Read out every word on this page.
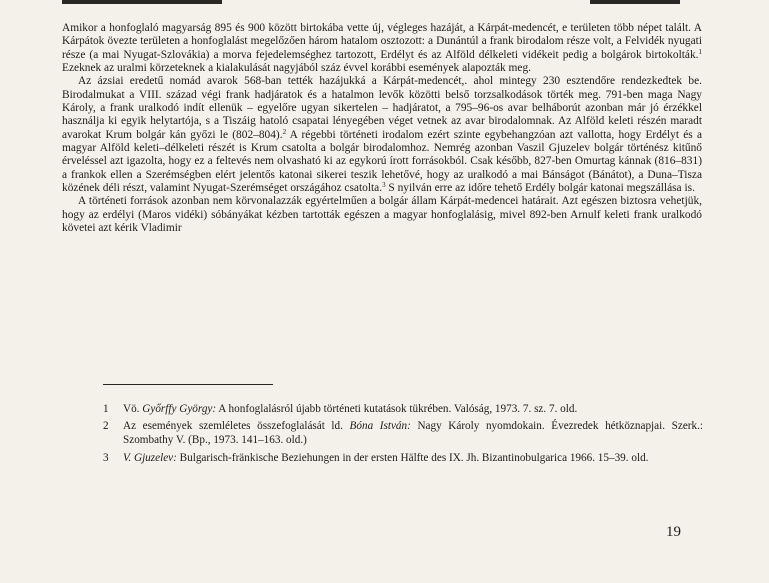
Amikor a honfoglaló magyarság 895 és 900 között birtokába vette új, végleges hazáját, a Kárpát-medencét, e területen több népet talált. A Kárpátok övezte területen a honfoglalást megelőzően három hatalom osztozott: a Dunántúl a frank birodalom része volt, a Felvidék nyugati része (a mai Nyugat-Szlovákia) a morva fejedelemséghez tartozott, Erdélyt és az Alföld délkeleti vidékeit pedig a bolgárok birtokolták.$^1$ Ezeknek az uralmi körzeteknek a kialakulását nagyjából száz évvel korábbi események alapozták meg.

Az ázsiai eredetű nomád avarok 568-ban tették hazájukká a Kárpát-medencét,. ahol mintegy 230 esztendőre rendezkedtek be. Birodalmukat a VIII. század végi frank hadjáratok és a hatalmon levők közötti belső torzsalkodások törték meg. 791-ben maga Nagy Károly, a frank uralkodó indít ellenük – egyelőre ugyan sikertelen – hadjáratot, a 795–96-os avar belháborút azonban már jó érzékkel használja ki egyik helytartója, s a Tiszáig hatoló csapatai lényegében véget vetnek az avar birodalomnak. Az Alföld keleti részén maradt avarokat Krum bolgár kán győzi le (802–804).$^2$ A régebbi történeti irodalom ezért szinte egybehangzóan azt vallotta, hogy Erdélyt és a magyar Alföld keleti–délkeleti részét is Krum csatolta a bolgár birodalomhoz. Nemrég azonban Vaszil Gjuzelev bolgár történész kitűnő érveléssel azt igazolta, hogy ez a feltevés nem olvasható ki az egykorú írott forrásokból. Csak később, 827-ben Omurtag kánnak (816–831) a frankok ellen a Szerémségben elért jelentős katonai sikerei teszik lehetővé, hogy az uralkodó a mai Bánságot (Bánátot), a Duna–Tisza közének déli részt, valamint Nyugat-Szerémséget országához csatolta.$^3$ S nyilván erre az időre tehető Erdély bolgár katonai megszállása is.

A történeti források azonban nem körvonalazzák egyértelműen a bolgár állam Kárpát-medencei határait. Azt egészen biztosra vehetjük, hogy az erdélyi (Maros vidéki) sóbányákat kézben tartották egészen a magyar honfoglalásig, mivel 892-ben Arnulf keleti frank uralkodó követei azt kérik Vladimir

1	Vö. Győrffy György: A honfoglalásról újabb történeti kutatások tükrében. Valóság, 1973. 7. sz. 7. old.
2	Az események szemléletes összefoglalását ld. Bóna István: Nagy Károly nyomdokain. Évezredek hétköznapjai. Szerk.: Szombathy V. (Bp., 1973. 141–163. old.)
3	V. Gjuzelev: Bulgarisch-fränkische Beziehungen in der ersten Hälfte des IX. Jh. Bizantinobulgarica 1966. 15–39. old.
19
